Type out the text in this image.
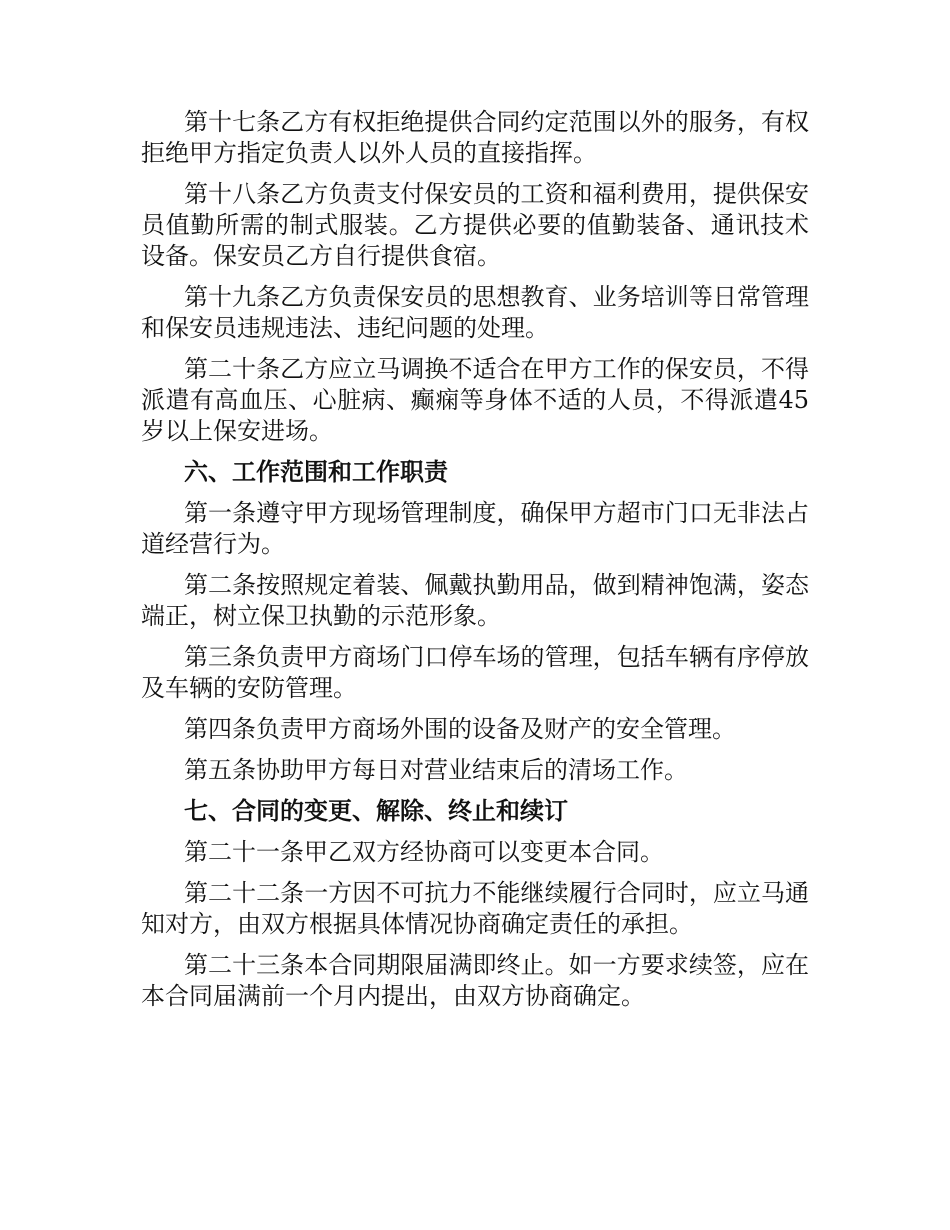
第十七条乙方有权拒绝提供合同约定范围以外的服务，有权拒绝甲方指定负责人以外人员的直接指挥。

第十八条乙方负责支付保安员的工资和福利费用，提供保安员值勤所需的制式服装。乙方提供必要的值勤装备、通讯技术设备。保安员乙方自行提供食宿。

第十九条乙方负责保安员的思想教育、业务培训等日常管理和保安员违规违法、违纪问题的处理。

第二十条乙方应立马调换不适合在甲方工作的保安员，不得派遣有高血压、心脏病、癫痫等身体不适的人员，不得派遣45岁以上保安进场。

六、工作范围和工作职责

第一条遵守甲方现场管理制度，确保甲方超市门口无非法占道经营行为。

第二条按照规定着装、佩戴执勤用品，做到精神饱满，姿态端正，树立保卫执勤的示范形象。

第三条负责甲方商场门口停车场的管理，包括车辆有序停放及车辆的安防管理。

第四条负责甲方商场外围的设备及财产的安全管理。

第五条协助甲方每日对营业结束后的清场工作。

七、合同的变更、解除、终止和续订

第二十一条甲乙双方经协商可以变更本合同。

第二十二条一方因不可抗力不能继续履行合同时，应立马通知对方，由双方根据具体情况协商确定责任的承担。

第二十三条本合同期限届满即终止。如一方要求续签，应在本合同届满前一个月内提出，由双方协商确定。
